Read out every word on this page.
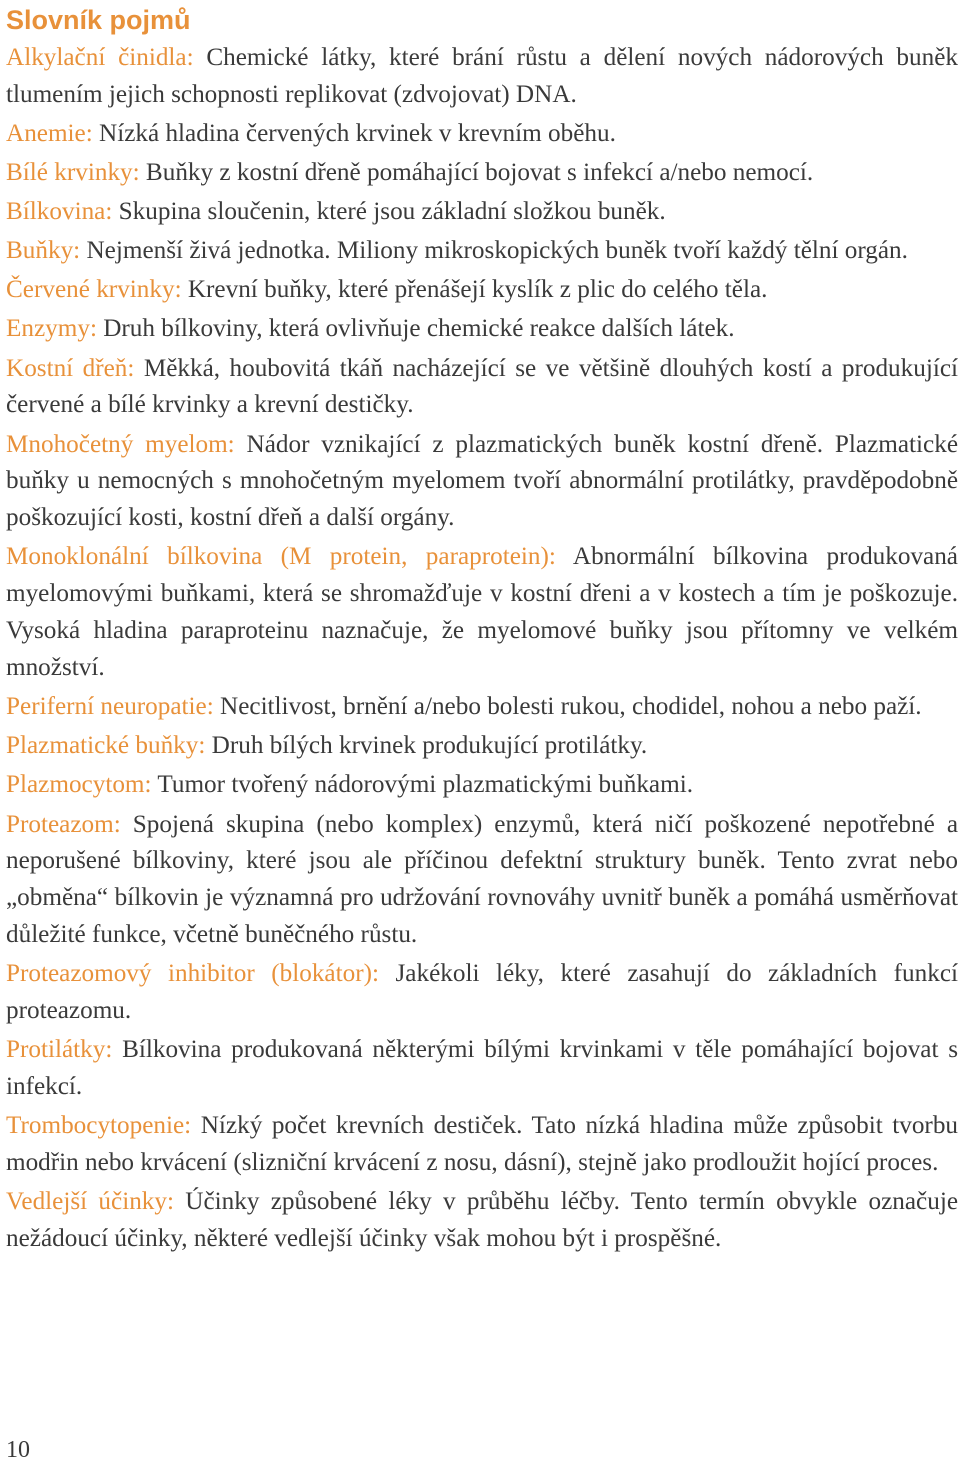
Slovník pojmů

Alkylační činidla: Chemické látky, které brání růstu a dělení nových nádorových buněk tlumením jejich schopnosti replikovat (zdvojovat) DNA.

Anemie: Nízká hladina červených krvinek v krevním oběhu.

Bílé krvinky: Buňky z kostní dřeně pomáhající bojovat s infekcí a/nebo nemocí.

Bílkovina: Skupina sloučenin, které jsou základní složkou buněk.

Buňky: Nejmenší živá jednotka. Miliony mikroskopických buněk tvoří každý tělní orgán.

Červené krvinky: Krevní buňky, které přenášejí kyslík z plic do celého těla.

Enzymy: Druh bílkoviny, která ovlivňuje chemické reakce dalších látek.

Kostní dřeň: Měkká, houbovitá tkáň nacházející se ve většině dlouhých kostí a produkující červené a bílé krvinky a krevní destičky.

Mnohočetný myelom: Nádor vznikající z plazmatických buněk kostní dřeně. Plazmatické buňky u nemocných s mnohočetným myelomem tvoří abnormální protilátky, pravděpodobně poškozující kosti, kostní dřeň a další orgány.

Monoklonální bílkovina (M protein, paraprotein): Abnormální bílkovina produkovaná myelomovými buňkami, která se shromažďuje v kostní dřeni a v kostech a tím je poškozuje. Vysoká hladina paraproteinu naznačuje, že myelomové buňky jsou přítomny ve velkém množství.

Periferní neuropatie: Necitlivost, brnění a/nebo bolesti rukou, chodidel, nohou a nebo paží.

Plazmatické buňky: Druh bílých krvinek produkující protilátky.

Plazmocytom: Tumor tvořený nádorovými plazmatickými buňkami.

Proteazom: Spojená skupina (nebo komplex) enzymů, která ničí poškozené nepotřebné a neporušené bílkoviny, které jsou ale příčinou defektní struktury buněk. Tento zvrat nebo „obměna“ bílkovin je významná pro udržování rovnováhy uvnitř buněk a pomáhá usměrňovat důležité funkce, včetně buněčného růstu.

Proteazomový inhibitor (blokátor): Jakékoli léky, které zasahují do základních funkcí proteazomu.

Protilátky: Bílkovina produkovaná některými bílými krvinkami v těle pomáhající bojovat s infekcí.

Trombocytopenie: Nízký počet krevních destiček. Tato nízká hladina může způsobit tvorbu modřin nebo krvácení (slizniční krvácení z nosu, dásní), stejně jako prodloužit hojící proces.

Vedlejší účinky: Účinky způsobené léky v průběhu léčby. Tento termín obvykle označuje nežádoucí účinky, některé vedlejší účinky však mohou být i prospěšné.

10
